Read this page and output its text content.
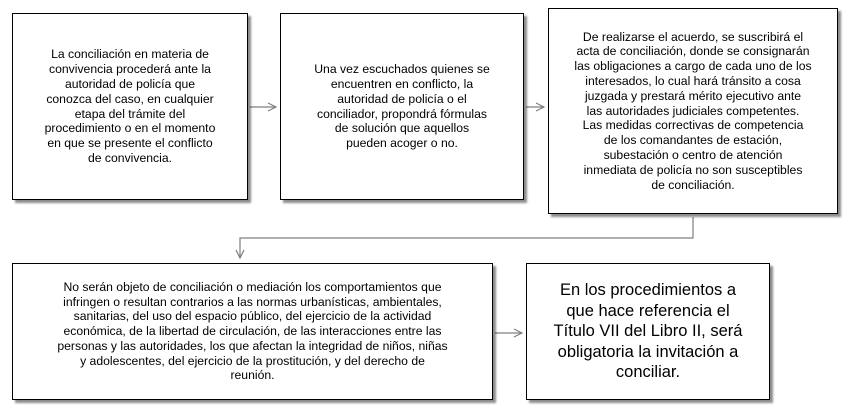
La conciliación en materia de
convivencia procederá ante la
autoridad de policía que
conozca del caso, en cualquier
etapa del trámite del
procedimiento o en el momento
en que se presente el conflicto
de convivencia.

Una vez escuchados quienes se
encuentren en conflicto, la
autoridad de policía o el
conciliador, propondrá fórmulas
de solución que aquellos
pueden acoger o no.

De realizarse el acuerdo, se suscribirá el
acta de conciliación, donde se consignarán
las obligaciones a cargo de cada uno de los
interesados, lo cual hará tránsito a cosa
juzgada y prestará mérito ejecutivo ante
las autoridades judiciales competentes.
Las medidas correctivas de competencia
de los comandantes de estación,
subestación o centro de atención
inmediata de policía no son susceptibles
de conciliación.

No serán objeto de conciliación o mediación los comportamientos que
infringen o resultan contrarios a las normas urbanísticas, ambientales,
sanitarias, del uso del espacio público, del ejercicio de la actividad
económica, de la libertad de circulación, de las interacciones entre las
personas y las autoridades, los que afectan la integridad de niños, niñas
y adolescentes, del ejercicio de la prostitución, y del derecho de
reunión.

En los procedimientos a
que hace referencia el
Título VII del Libro II, será
obligatoria la invitación a
conciliar.
